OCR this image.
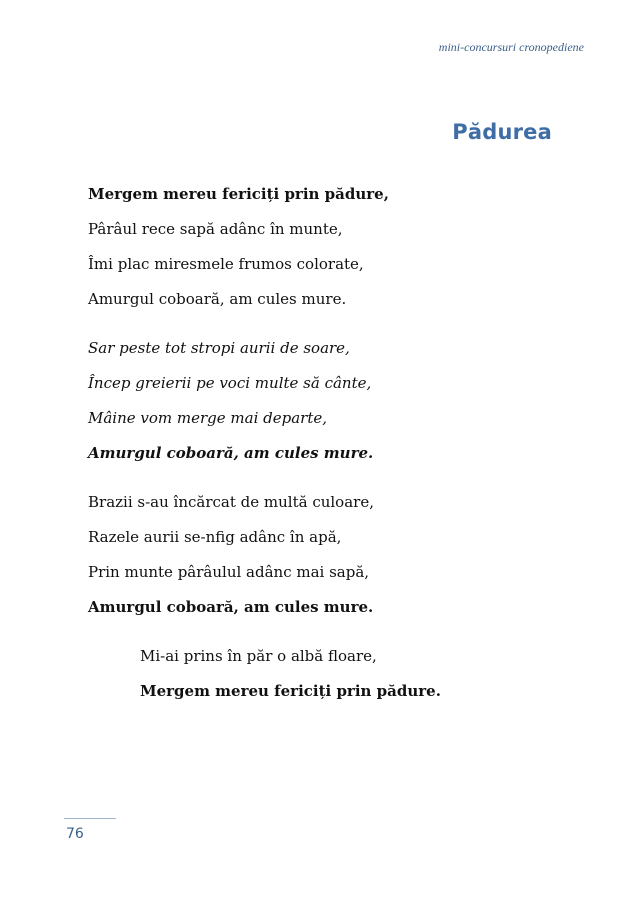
mini-concursuri cronopediene
Pădurea
Mergem mereu fericiți prin pădure,
Pârâul rece sapă adânc în munte,
Îmi plac miresmele frumos colorate,
Amurgul coboară, am cules mure.
Sar peste tot stropi aurii de soare,
Încep greierii pe voci multe să cânte,
Mâine vom merge mai departe,
Amurgul coboară, am cules mure.
Brazii s-au încărcat de multă culoare,
Razele aurii se-nfig adânc în apă,
Prin munte pârâulul adânc mai sapă,
Amurgul coboară, am cules mure.
Mi-ai prins în păr o albă floare,
Mergem mereu fericiți prin pădure.
76
